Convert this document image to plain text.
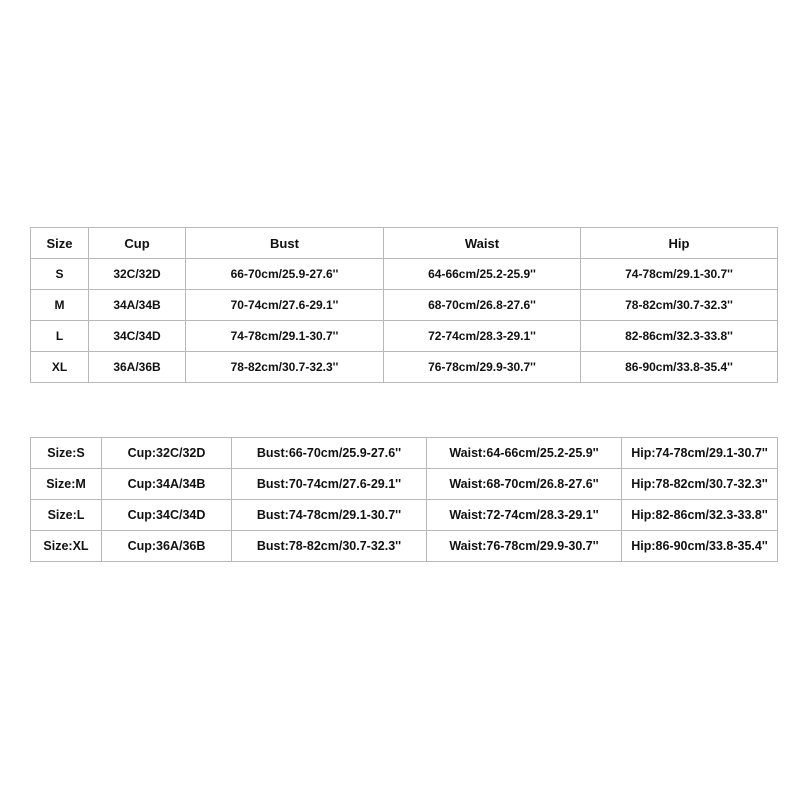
Size	Cup	Bust	Waist	Hip
S	32C/32D	66-70cm/25.9-27.6''	64-66cm/25.2-25.9''	74-78cm/29.1-30.7''
M	34A/34B	70-74cm/27.6-29.1''	68-70cm/26.8-27.6''	78-82cm/30.7-32.3''
L	34C/34D	74-78cm/29.1-30.7''	72-74cm/28.3-29.1''	82-86cm/32.3-33.8''
XL	36A/36B	78-82cm/30.7-32.3''	76-78cm/29.9-30.7''	86-90cm/33.8-35.4''
Size:S	Cup:32C/32D	Bust:66-70cm/25.9-27.6''	Waist:64-66cm/25.2-25.9''	Hip:74-78cm/29.1-30.7''
Size:M	Cup:34A/34B	Bust:70-74cm/27.6-29.1''	Waist:68-70cm/26.8-27.6''	Hip:78-82cm/30.7-32.3''
Size:L	Cup:34C/34D	Bust:74-78cm/29.1-30.7''	Waist:72-74cm/28.3-29.1''	Hip:82-86cm/32.3-33.8''
Size:XL	Cup:36A/36B	Bust:78-82cm/30.7-32.3''	Waist:76-78cm/29.9-30.7''	Hip:86-90cm/33.8-35.4''
